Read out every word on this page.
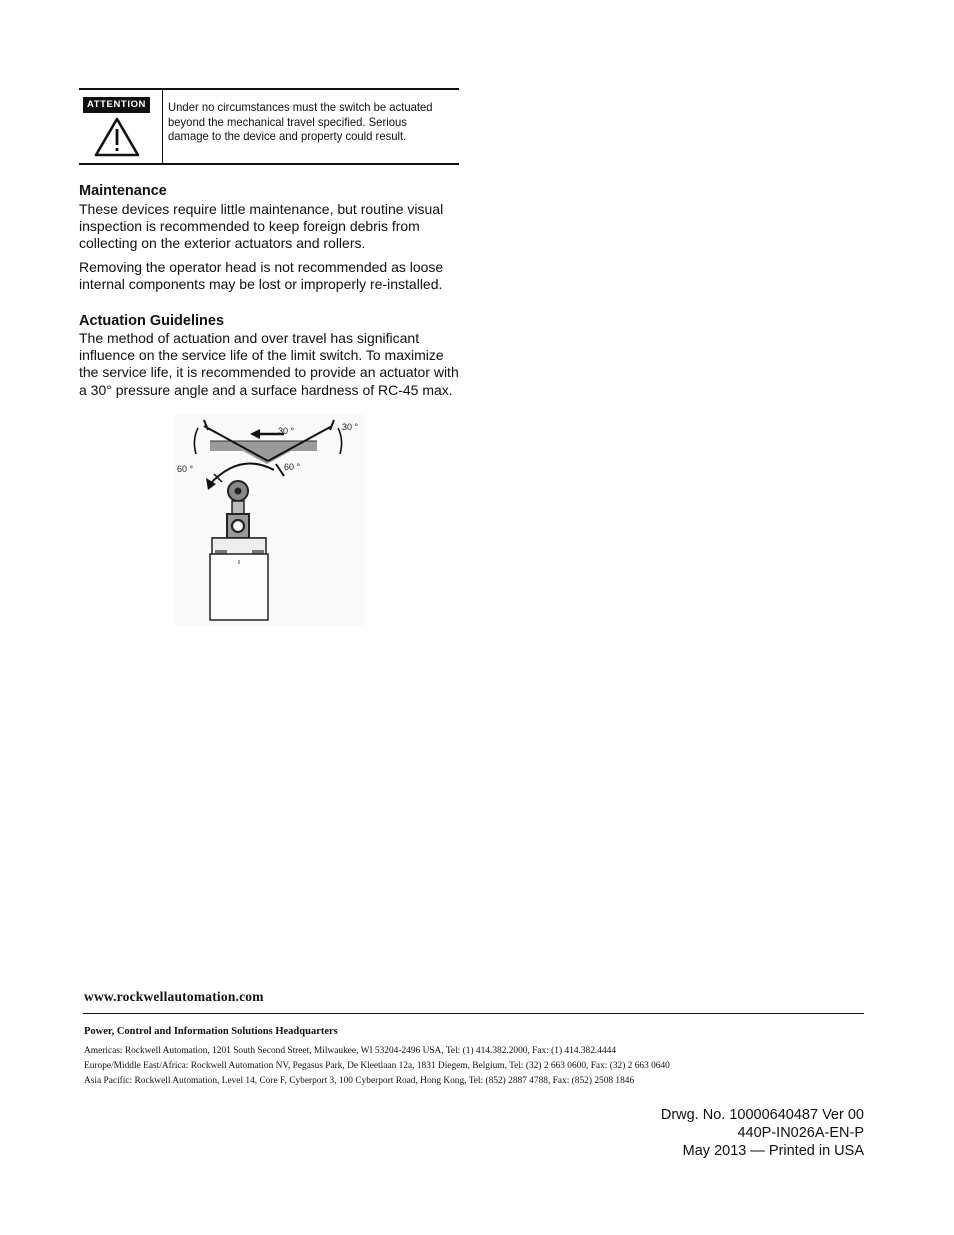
ATTENTION	Under no circumstances must the switch be actuated beyond the mechanical travel specified. Serious damage to the device and property could result.
Maintenance

These devices require little maintenance, but routine visual inspection is recommended to keep foreign debris from collecting on the exterior actuators and rollers.

Removing the operator head is not recommended as loose internal components may be lost or improperly re-installed.

Actuation Guidelines

The method of actuation and over travel has significant influence on the service life of the limit switch. To maximize the service life, it is recommended to provide an actuator with a 30° pressure angle and a surface hardness of RC-45 max.

30 °	30 °
60 °	60 °
www.rockwellautomation.com
Power, Control and Information Solutions Headquarters
Americas: Rockwell Automation, 1201 South Second Street, Milwaukee, WI 53204-2496 USA, Tel: (1) 414.382.2000, Fax: (1) 414.382.4444
Europe/Middle East/Africa: Rockwell Automation NV, Pegasus Park, De Kleetlaan 12a, 1831 Diegem, Belgium, Tel: (32) 2 663 0600, Fax: (32) 2 663 0640
Asia Pacific: Rockwell Automation, Level 14, Core F, Cyberport 3, 100 Cyberport Road, Hong Kong, Tel: (852) 2887 4788, Fax: (852) 2508 1846
Drwg. No. 10000640487 Ver 00
440P-IN026A-EN-P
May 2013 — Printed in USA
